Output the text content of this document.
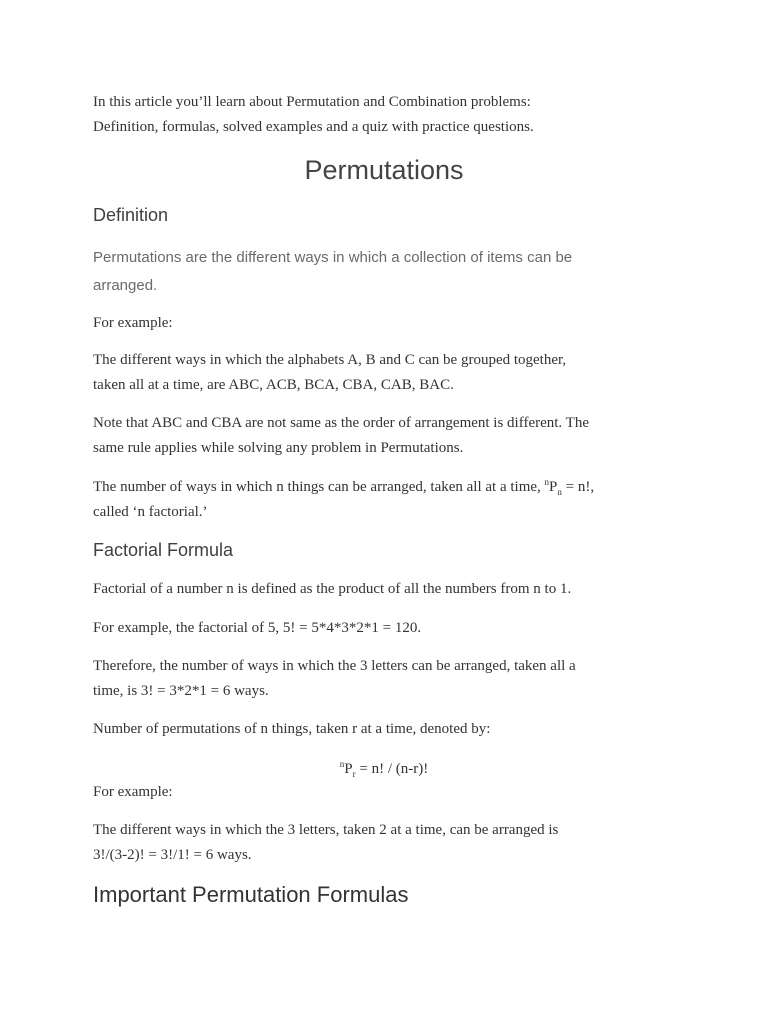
In this article you’ll learn about Permutation and Combination problems:
Definition, formulas, solved examples and a quiz with practice questions.
Permutations
Definition
Permutations are the different ways in which a collection of items can be
arranged.
For example:
The different ways in which the alphabets A, B and C can be grouped together,
taken all at a time, are ABC, ACB, BCA, CBA, CAB, BAC.
Note that ABC and CBA are not same as the order of arrangement is different. The
same rule applies while solving any problem in Permutations.
The number of ways in which n things can be arranged, taken all at a time, $^nP_n = n$!,
called ‘n factorial.’
Factorial Formula
Factorial of a number n is defined as the product of all the numbers from n to 1.
For example, the factorial of 5, 5! = 5*4*3*2*1 = 120.
Therefore, the number of ways in which the 3 letters can be arranged, taken all a
time, is 3! = 3*2*1 = 6 ways.
Number of permutations of n things, taken r at a time, denoted by:
$^nP_r = n$! / (n-r)!
For example:
The different ways in which the 3 letters, taken 2 at a time, can be arranged is
3!/(3-2)! = 3!/1! = 6 ways.
Important Permutation Formulas
